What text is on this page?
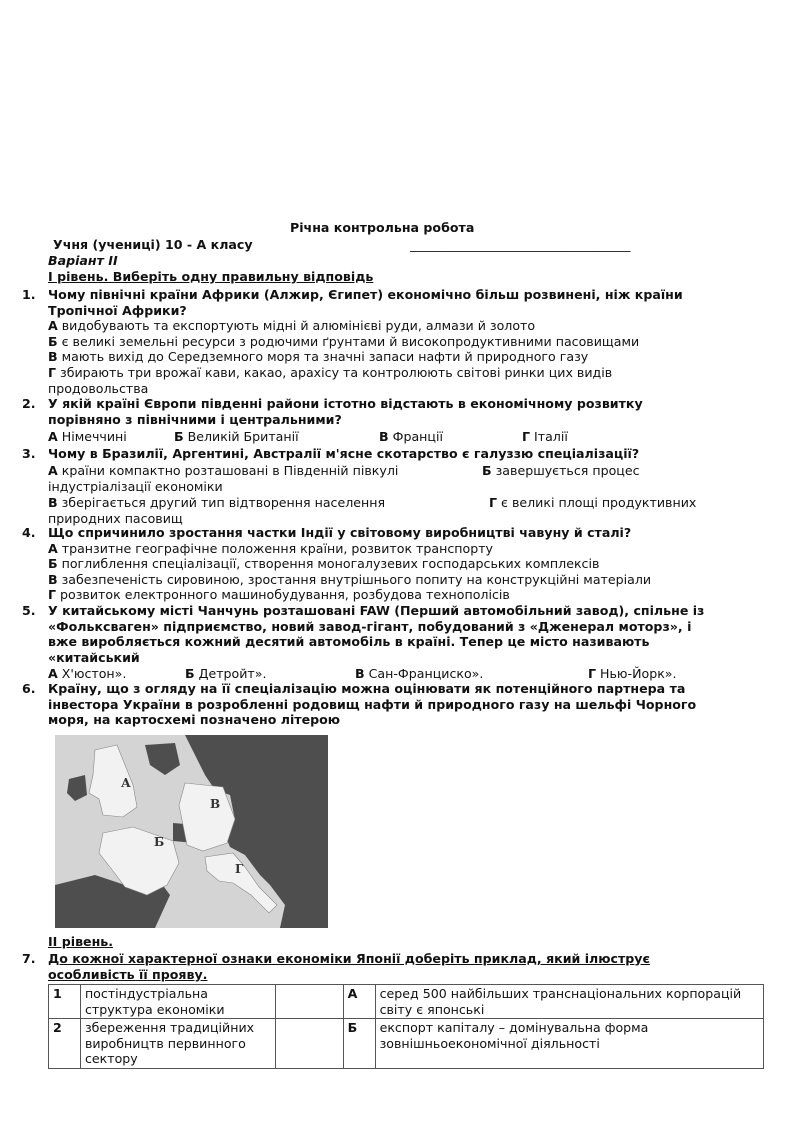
Річна контрольна робота
Учня (учениці) 10 - А класу	___________________________________
Варіант ІІ
І рівень. Виберіть одну правильну відповідь
1. Чому північні країни Африки (Алжир, Єгипет) економічно більш розвинені, ніж країни
Тропічної Африки?
А видобувають та експортують мідні й алюмінієві руди, алмази й золото
Б є великі земельні ресурси з родючими ґрунтами й високопродуктивними пасовищами
В мають вихід до Середземного моря та значні запаси нафти й природного газу
Г збирають три врожаї кави, какао, арахісу та контролюють світові ринки цих видів
продовольства
2. У якій країні Європи південні райони істотно відстають в економічному розвитку
порівняно з північними і центральними?
А Німеччині	Б Великій Британії	В Франції	Г Італії
3. Чому в Бразилії, Аргентині, Австралії м'ясне скотарство є галуззю спеціалізації?
А країни компактно розташовані в Південній півкулі	Б завершується процес
індустріалізації економіки
В зберігається другий тип відтворення населення	Г є великі площі продуктивних
природних пасовищ
4. Що спричинило зростання частки Індії у світовому виробництві чавуну й сталі?
А транзитне географічне положення країни, розвиток транспорту
Б поглиблення спеціалізації, створення моногалузевих господарських комплексів
В забезпеченість сировиною, зростання внутрішнього попиту на конструкційні матеріали
Г розвиток електронного машинобудування, розбудова технополісів
5. У китайському місті Чанчунь розташовані FAW (Перший автомобільний завод), спільне із
«Фольксваген» підприємство, новий завод-гігант, побудований з «Дженерал моторз», і
вже виробляється кожний десятий автомобіль в країні. Тепер це місто називають
«китайський
А Х'юстон».	Б Детройт».	В Сан-Франциско».	Г Нью-Йорк».
6. Країну, що з огляду на її спеціалізацію можна оцінювати як потенційного партнера та
інвестора України в розробленні родовищ нафти й природного газу на шельфі Чорного
моря, на картосхемі позначено літерою
А
Б
В
Г
ІІ рівень.
7. До кожної характерної ознаки економіки Японії доберіть приклад, який ілюструє
особливість її прояву.
1	постіндустріальна структура економіки		А	серед 500 найбільших транснаціональних корпорацій світу є японські
2	збереження традиційних виробництв первинного сектору		Б	експорт капіталу – домінувальна форма зовнішньоекономічної діяльності
